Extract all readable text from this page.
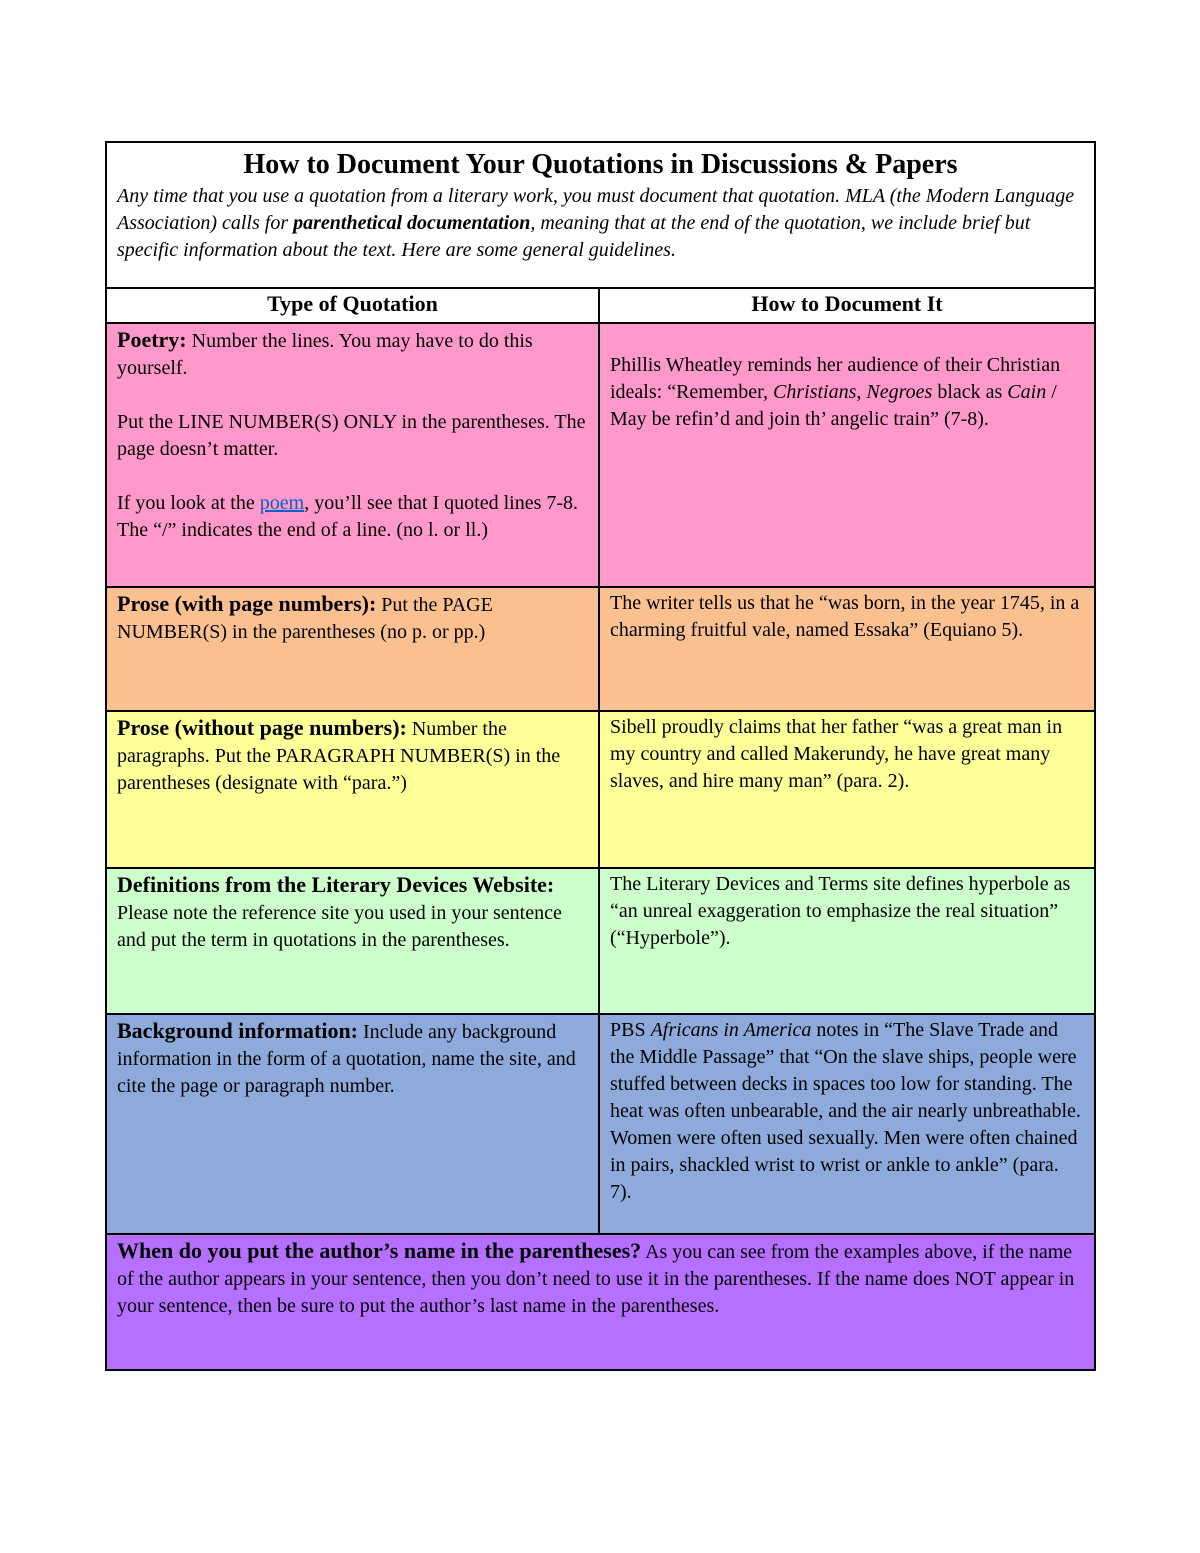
How to Document Your Quotations in Discussions & Papers

Any time that you use a quotation from a literary work, you must document that quotation. MLA (the Modern Language Association) calls for parenthetical documentation, meaning that at the end of the quotation, we include brief but specific information about the text. Here are some general guidelines.

Type of Quotation	How to Document It

Poetry: Number the lines. You may have to do this yourself.

Put the LINE NUMBER(S) ONLY in the parentheses. The page doesn’t matter.

If you look at the poem, you’ll see that I quoted lines 7-8. The “/” indicates the end of a line. (no l. or ll.)

Phillis Wheatley reminds her audience of their Christian ideals: “Remember, Christians, Negroes black as Cain / May be refin’d and join th’ angelic train” (7-8).

Prose (with page numbers): Put the PAGE NUMBER(S) in the parentheses (no p. or pp.)

The writer tells us that he “was born, in the year 1745, in a charming fruitful vale, named Essaka” (Equiano 5).

Prose (without page numbers): Number the paragraphs. Put the PARAGRAPH NUMBER(S) in the parentheses (designate with “para.”)

Sibell proudly claims that her father “was a great man in my country and called Makerundy, he have great many slaves, and hire many man” (para. 2).

Definitions from the Literary Devices Website: Please note the reference site you used in your sentence and put the term in quotations in the parentheses.

The Literary Devices and Terms site defines hyperbole as “an unreal exaggeration to emphasize the real situation” (“Hyperbole”).

Background information: Include any background information in the form of a quotation, name the site, and cite the page or paragraph number.

PBS Africans in America notes in “The Slave Trade and the Middle Passage” that “On the slave ships, people were stuffed between decks in spaces too low for standing. The heat was often unbearable, and the air nearly unbreathable. Women were often used sexually. Men were often chained in pairs, shackled wrist to wrist or ankle to ankle” (para. 7).

When do you put the author’s name in the parentheses? As you can see from the examples above, if the name of the author appears in your sentence, then you don’t need to use it in the parentheses. If the name does NOT appear in your sentence, then be sure to put the author’s last name in the parentheses.
